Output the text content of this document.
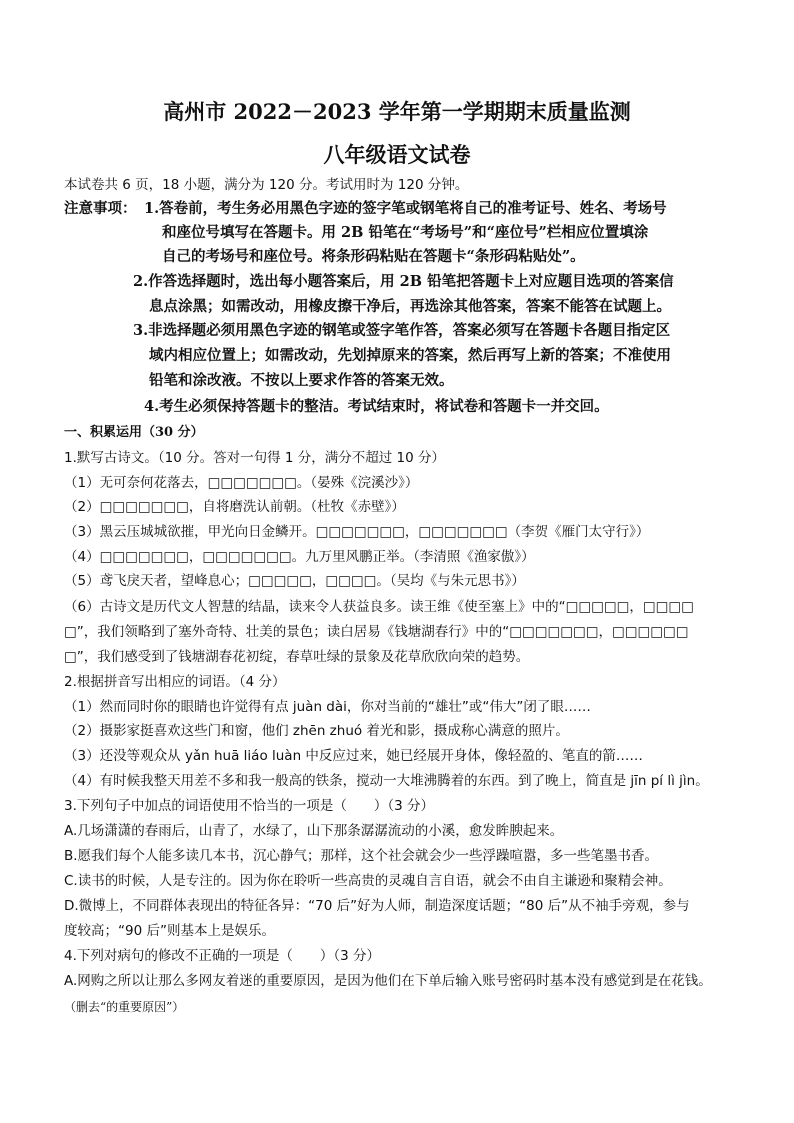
高州市 2022－2023 学年第一学期期末质量监测
八年级语文试卷
本试卷共 6 页，18 小题，满分为 120 分。考试用时为 120 分钟。
注意事项： 1.答卷前，考生务必用黑色字迹的签字笔或钢笔将自己的准考证号、姓名、考场号
和座位号填写在答题卡。用 2B 铅笔在“考场号”和“座位号”栏相应位置填涂
自己的考场号和座位号。将条形码粘贴在答题卡“条形码粘贴处”。
2.作答选择题时，选出每小题答案后，用 2B 铅笔把答题卡上对应题目选项的答案信
息点涂黑；如需改动，用橡皮擦干净后，再选涂其他答案，答案不能答在试题上。
3.非选择题必须用黑色字迹的钢笔或签字笔作答，答案必须写在答题卡各题目指定区
域内相应位置上；如需改动，先划掉原来的答案，然后再写上新的答案；不准使用
铅笔和涂改液。不按以上要求作答的答案无效。
4.考生必须保持答题卡的整洁。考试结束时，将试卷和答题卡一并交回。
一、积累运用（30 分）
1.默写古诗文。（10 分。答对一句得 1 分，满分不超过 10 分）
（1）无可奈何花落去，□□□□□□□。（晏殊《浣溪沙》）
（2）□□□□□□□，自将磨洗认前朝。（杜牧《赤壁》）
（3）黑云压城城欲摧，甲光向日金鳞开。□□□□□□□，□□□□□□□（李贺《雁门太守行》）
（4）□□□□□□□，□□□□□□□。九万里风鹏正举。（李清照《渔家傲》）
（5）鸢飞戾天者，望峰息心；□□□□□，□□□□。（吴均《与朱元思书》）
（6）古诗文是历代文人智慧的结晶，读来令人获益良多。读王维《使至塞上》中的“□□□□□，□□□□
□”，我们领略到了塞外奇特、壮美的景色；读白居易《钱塘湖春行》中的“□□□□□□□，□□□□□□
□”，我们感受到了钱塘湖春花初绽，春草吐绿的景象及花草欣欣向荣的趋势。
2.根据拼音写出相应的词语。（4 分）
（1）然而同时你的眼睛也许觉得有点 juàn dài，你对当前的“雄壮”或“伟大”闭了眼……
（2）摄影家挺喜欢这些门和窗，他们 zhēn zhuó 着光和影，摄成称心满意的照片。
（3）还没等观众从 yǎn huā liáo luàn 中反应过来，她已经展开身体，像轻盈的、笔直的箭……
（4）有时候我整天用差不多和我一般高的铁条，搅动一大堆沸腾着的东西。到了晚上，简直是 jīn pí lì jìn。
3.下列句子中加点的词语使用不恰当的一项是（　　）（3 分）
A.几场潇潇的春雨后，山青了，水绿了，山下那条潺潺流动的小溪，愈发眸腴起来。
B.愿我们每个人能多读几本书，沉心静气；那样，这个社会就会少一些浮躁喧嚣，多一些笔墨书香。
C.读书的时候，人是专注的。因为你在聆听一些高贵的灵魂自言自语，就会不由自主谦逊和聚精会神。
D.微博上，不同群体表现出的特征各异：“70 后”好为人师，制造深度话题；“80 后”从不袖手旁观，参与
度较高；“90 后”则基本上是娱乐。
4.下列对病句的修改不正确的一项是（　　）（3 分）
A.网购之所以让那么多网友着迷的重要原因，是因为他们在下单后输入账号密码时基本没有感觉到是在花钱。
（删去“的重要原因”）
